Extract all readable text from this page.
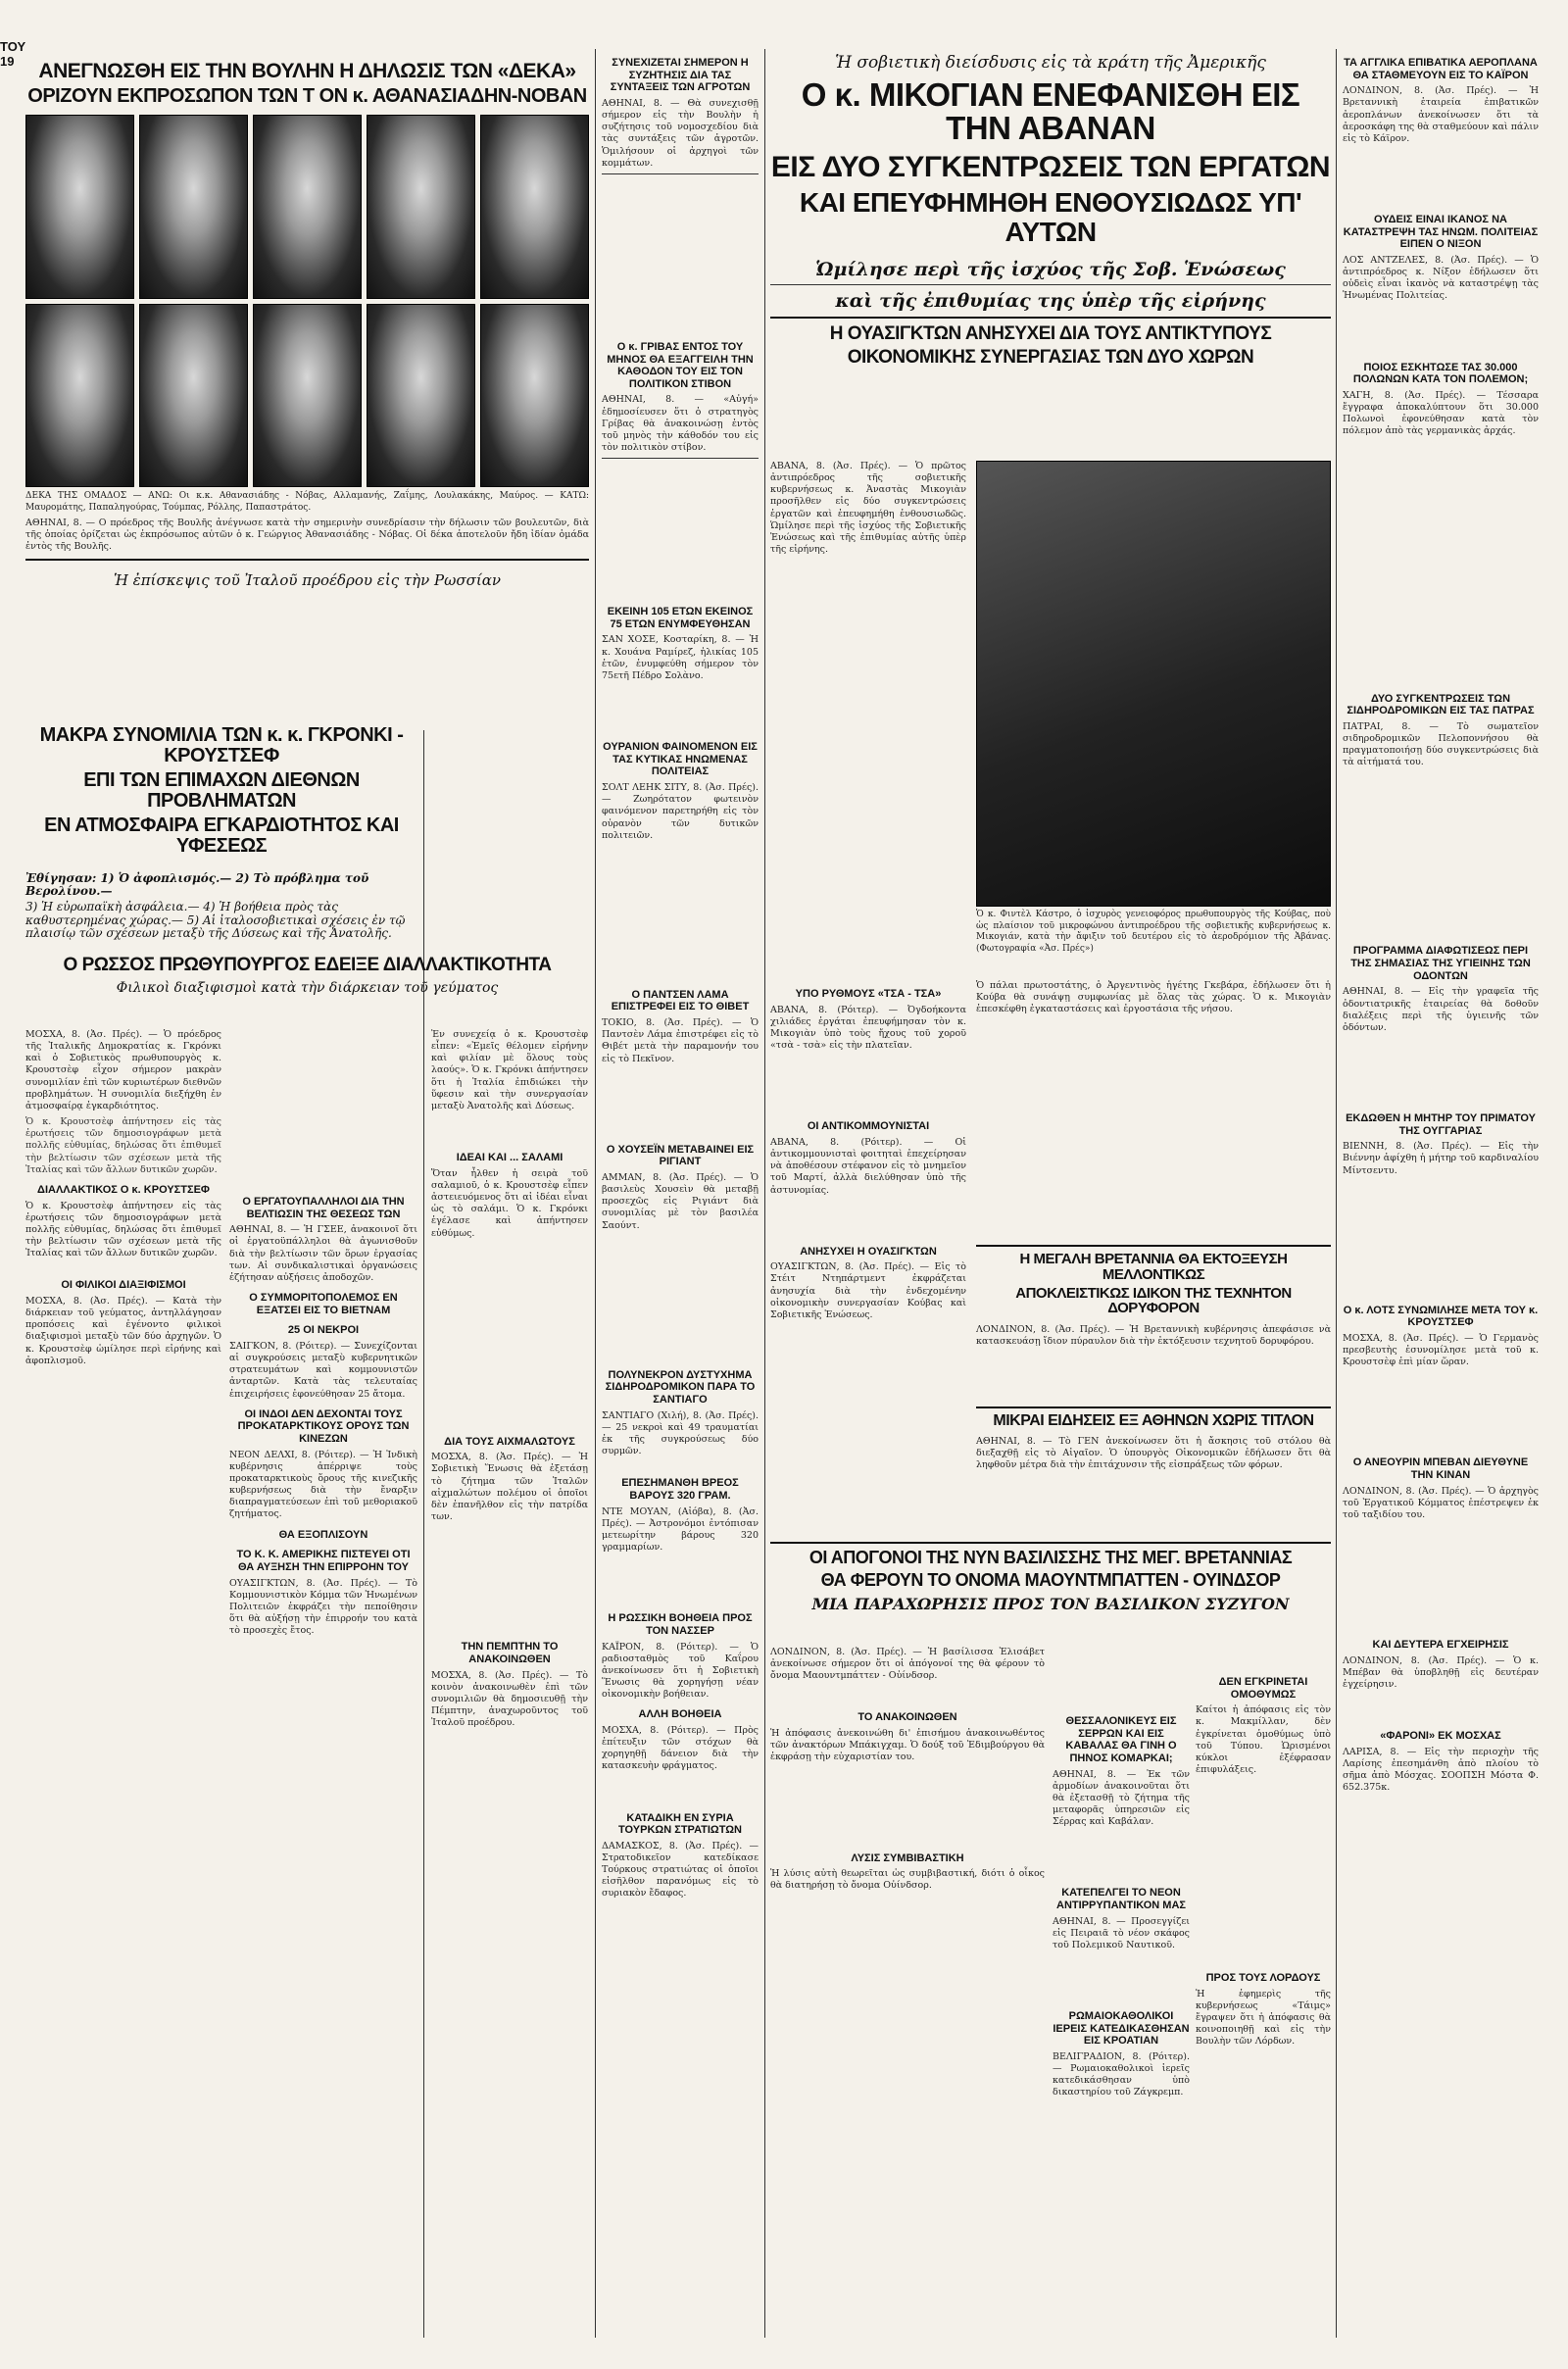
ΤΟΥ
19	ΑΝΕΓΝΩΣΘΗ ΕΙΣ ΤΗΝ ΒΟΥΛΗΝ Η ΔΗΛΩΣΙΣ ΤΩΝ «ΔΕΚΑ»
ΟΡΙΖΟΥΝ ΕΚΠΡΟΣΩΠΟΝ ΤΩΝ Τ ΟΝ κ. ΑΘΑΝΑΣΙΑΔΗΝ-ΝΟΒΑΝ

ΔΕΚΑ ΤΗΣ ΟΜΑΔΟΣ — ΑΝΩ: Οι κ.κ. Αθανασιάδης - Νόβας, Αλλαμανής, Ζαΐμης, Λουλακάκης, Μαύρος. — ΚΑΤΩ: Μαυρομάτης, Παπαληγούρας, Τούμπας, Ρόλλης, Παπαστράτος.

ΑΘΗΝΑΙ, 8. — Ο πρόεδρος τῆς Βουλῆς ἀνέγνωσε κατὰ τὴν σημερινὴν συνεδρίασιν τὴν δήλωσιν τῶν βουλευτῶν, διὰ τῆς ὁποίας ὁρίζεται ὡς ἐκπρόσωπος αὐτῶν ὁ κ. Γεώργιος Ἀθανασιάδης - Νόβας. Οἱ δέκα ἀποτελοῦν ἤδη ἰδίαν ὁμάδα ἐντὸς τῆς Βουλῆς.

Ἡ ἐπίσκεψις τοῦ Ἰταλοῦ προέδρου εἰς τὴν Ρωσσίαν
ΜΑΚΡΑ ΣΥΝΟΜΙΛΙΑ ΤΩΝ κ. κ. ΓΚΡΟΝΚΙ - ΚΡΟΥΣΤΣΕΦ
ΕΠΙ ΤΩΝ ΕΠΙΜΑΧΩΝ ΔΙΕΘΝΩΝ ΠΡΟΒΛΗΜΑΤΩΝ
ΕΝ ΑΤΜΟΣΦΑΙΡΑ ΕΓΚΑΡΔΙΟΤΗΤΟΣ ΚΑΙ ΥΦΕΣΕΩΣ
Ἐθίγησαν: 1) Ὁ ἀφοπλισμός.— 2) Τὸ πρόβλημα τοῦ Βερολίνου.—
3) Ἡ εὐρωπαϊκὴ ἀσφάλεια.— 4) Ἡ βοήθεια πρὸς τὰς καθυστερημένας χώρας.— 5) Αἱ ἰταλοσοβιετικαὶ σχέσεις ἐν τῷ πλαισίῳ τῶν σχέσεων μεταξὺ τῆς Δύσεως καὶ τῆς Ἀνατολῆς.
Ο ΡΩΣΣΟΣ ΠΡΩΘΥΠΟΥΡΓΟΣ ΕΔΕΙΞΕ ΔΙΑΛΛΑΚΤΙΚΟΤΗΤΑ
Φιλικοὶ διαξιφισμοὶ κατὰ τὴν διάρκειαν τοῦ γεύματος

ΜΟΣΧΑ, 8. (Ἀσ. Πρές). — Ὁ πρόεδρος τῆς Ἰταλικῆς Δημοκρατίας κ. Γκρόνκι καὶ ὁ Σοβιετικὸς πρωθυπουργὸς κ. Κρουστσὲφ εἶχον σήμερον μακρὰν συνομιλίαν ἐπὶ τῶν κυριωτέρων διεθνῶν προβλημάτων. Ἡ συνομιλία διεξήχθη ἐν ἀτμοσφαίρᾳ ἐγκαρδιότητος.

Ὁ κ. Κρουστσὲφ ἀπήντησεν εἰς τὰς ἐρωτήσεις τῶν δημοσιογράφων μετὰ πολλῆς εὐθυμίας, δηλώσας ὅτι ἐπιθυμεῖ τὴν βελτίωσιν τῶν σχέσεων μετὰ τῆς Ἰταλίας καὶ τῶν ἄλλων δυτικῶν χωρῶν.

ΔΙΑΛΛΑΚΤΙΚΟΣ Ο κ. ΚΡΟΥΣΤΣΕΦ

Ὁ κ. Κρουστσὲφ ἀπήντησεν εἰς τὰς ἐρωτήσεις τῶν δημοσιογράφων μετὰ πολλῆς εὐθυμίας, δηλώσας ὅτι ἐπιθυμεῖ τὴν βελτίωσιν τῶν σχέσεων μετὰ τῆς Ἰταλίας καὶ τῶν ἄλλων δυτικῶν χωρῶν.

ΟΙ ΦΙΛΙΚΟΙ ΔΙΑΞΙΦΙΣΜΟΙ

ΜΟΣΧΑ, 8. (Ἀσ. Πρές). — Κατὰ τὴν διάρκειαν τοῦ γεύματος, ἀντηλλάγησαν προπόσεις καὶ ἐγένοντο φιλικοὶ διαξιφισμοὶ μεταξὺ τῶν δύο ἀρχηγῶν. Ὁ κ. Κρουστσὲφ ὡμίλησε περὶ εἰρήνης καὶ ἀφοπλισμοῦ.

Ο ΕΡΓΑΤΟΥΠΑΛΛΗΛΟΙ ΔΙΑ ΤΗΝ ΒΕΛΤΙΩΣΙΝ ΤΗΣ ΘΕΣΕΩΣ ΤΩΝ

ΑΘΗΝΑΙ, 8. — Ἡ ΓΣΕΕ, ἀνακοινοῖ ὅτι οἱ ἐργατοϋπάλληλοι θὰ ἀγωνισθοῦν διὰ τὴν βελτίωσιν τῶν ὅρων ἐργασίας των. Αἱ συνδικαλιστικαὶ ὀργανώσεις ἐζήτησαν αὐξήσεις ἀποδοχῶν.

Ο ΣΥΜΜΟΡΙΤΟΠΟΛΕΜΟΣ ΕΝ ΕΞΑΤΣΕΙ ΕΙΣ ΤΟ ΒΙΕΤΝΑΜ
25 ΟΙ ΝΕΚΡΟΙ

ΣΑΙΓΚΟΝ, 8. (Ρόιτερ). — Συνεχίζονται αἱ συγκρούσεις μεταξὺ κυβερνητικῶν στρατευμάτων καὶ κομμουνιστῶν ἀνταρτῶν. Κατὰ τὰς τελευταίας ἐπιχειρήσεις ἐφονεύθησαν 25 ἄτομα.

ΟΙ ΙΝΔΟΙ ΔΕΝ ΔΕΧΟΝΤΑΙ ΤΟΥΣ ΠΡΟΚΑΤΑΡΚΤΙΚΟΥΣ ΟΡΟΥΣ ΤΩΝ ΚΙΝΕΖΩΝ

ΝΕΟΝ ΔΕΛΧΙ, 8. (Ρόιτερ). — Ἡ Ἰνδικὴ κυβέρνησις ἀπέρριψε τοὺς προκαταρκτικοὺς ὅρους τῆς κινεζικῆς κυβερνήσεως διὰ τὴν ἔναρξιν διαπραγματεύσεων ἐπὶ τοῦ μεθοριακοῦ ζητήματος.

ΘΑ ΕΞΟΠΛΙΣΟΥΝ
ΤΟ Κ. Κ. ΑΜΕΡΙΚΗΣ ΠΙΣΤΕΥΕΙ ΟΤΙ ΘΑ ΑΥΞΗΣΗ ΤΗΝ ΕΠΙΡΡΟΗΝ ΤΟΥ

ΟΥΑΣΙΓΚΤΩΝ, 8. (Ἀσ. Πρές). — Τὸ Κομμουνιστικὸν Κόμμα τῶν Ἡνωμένων Πολιτειῶν ἐκφράζει τὴν πεποίθησιν ὅτι θὰ αὐξήσῃ τὴν ἐπιρροήν του κατὰ τὸ προσεχὲς ἔτος.

Ἐν συνεχείᾳ ὁ κ. Κρουστσὲφ εἶπεν: «Ἐμεῖς θέλομεν εἰρήνην καὶ φιλίαν μὲ ὅλους τοὺς λαούς». Ὁ κ. Γκρόνκι ἀπήντησεν ὅτι ἡ Ἰταλία ἐπιδιώκει τὴν ὕφεσιν καὶ τὴν συνεργασίαν μεταξὺ Ἀνατολῆς καὶ Δύσεως.

ΙΔΕΑΙ ΚΑΙ ... ΣΑΛΑΜΙ

Ὅταν ἦλθεν ἡ σειρὰ τοῦ σαλαμιοῦ, ὁ κ. Κρουστσὲφ εἶπεν ἀστειευόμενος ὅτι αἱ ἰδέαι εἶναι ὡς τὸ σαλάμι. Ὁ κ. Γκρόνκι ἐγέλασε καὶ ἀπήντησεν εὐθύμως.

ΔΙΑ ΤΟΥΣ ΑΙΧΜΑΛΩΤΟΥΣ

ΜΟΣΧΑ, 8. (Ἀσ. Πρές). — Ἡ Σοβιετικὴ Ἕνωσις θὰ ἐξετάσῃ τὸ ζήτημα τῶν Ἰταλῶν αἰχμαλώτων πολέμου οἱ ὁποῖοι δὲν ἐπανῆλθον εἰς τὴν πατρίδα των.

ΤΗΝ ΠΕΜΠΤΗΝ ΤΟ ΑΝΑΚΟΙΝΩΘΕΝ

ΜΟΣΧΑ, 8. (Ἀσ. Πρές). — Τὸ κοινὸν ἀνακοινωθὲν ἐπὶ τῶν συνομιλιῶν θὰ δημοσιευθῇ τὴν Πέμπτην, ἀναχωροῦντος τοῦ Ἰταλοῦ προέδρου.

ΣΥΝΕΧΙΖΕΤΑΙ ΣΗΜΕΡΟΝ Η ΣΥΖΗΤΗΣΙΣ ΔΙΑ ΤΑΣ ΣΥΝΤΑΞΕΙΣ ΤΩΝ ΑΓΡΟΤΩΝ

ΑΘΗΝΑΙ, 8. — Θὰ συνεχισθῇ σήμερον εἰς τὴν Βουλὴν ἡ συζήτησις τοῦ νομοσχεδίου διὰ τὰς συντάξεις τῶν ἀγροτῶν. Ὁμιλήσουν οἱ ἀρχηγοὶ τῶν κομμάτων.

Ο κ. ΓΡΙΒΑΣ ΕΝΤΟΣ ΤΟΥ ΜΗΝΟΣ ΘΑ ΕΞΑΓΓΕΙΛΗ ΤΗΝ ΚΑΘΟΔΟΝ ΤΟΥ ΕΙΣ ΤΟΝ ΠΟΛΙΤΙΚΟΝ ΣΤΙΒΟΝ

ΑΘΗΝΑΙ, 8. — «Αὐγή» ἐδημοσίευσεν ὅτι ὁ στρατηγὸς Γρίβας θὰ ἀνακοινώσῃ ἐντὸς τοῦ μηνὸς τὴν κάθοδόν του εἰς τὸν πολιτικὸν στίβον.

ΕΚΕΙΝΗ 105 ΕΤΩΝ ΕΚΕΙΝΟΣ 75 ΕΤΩΝ ΕΝΥΜΦΕΥΘΗΣΑΝ

ΣΑΝ ΧΟΣΕ, Κοσταρίκη, 8. — Ἡ κ. Χουάνα Ραμίρεζ, ἡλικίας 105 ἐτῶν, ἐνυμφεύθη σήμερον τὸν 75ετῆ Πέδρο Σολὰνο.

ΟΥΡΑΝΙΟΝ ΦΑΙΝΟΜΕΝΟΝ ΕΙΣ ΤΑΣ ΚΥΤΙΚΑΣ ΗΝΩΜΕΝΑΣ ΠΟΛΙΤΕΙΑΣ

ΣΟΛΤ ΛΕΗΚ ΣΙΤΥ, 8. (Ἀσ. Πρές). — Ζωηρότατον φωτεινὸν φαινόμενον παρετηρήθη εἰς τὸν οὐρανὸν τῶν δυτικῶν πολιτειῶν.

Ο ΠΑΝΤΣΕΝ ΛΑΜΑ ΕΠΙΣΤΡΕΦΕΙ ΕΙΣ ΤΟ ΘΙΒΕΤ

ΤΟΚΙΟ, 8. (Ἀσ. Πρές). — Ὁ Παντσὲν Λάμα ἐπιστρέφει εἰς τὸ Θιβέτ μετὰ τὴν παραμονήν του εἰς τὸ Πεκῖνον.

Ο ΧΟΥΣΕΪΝ ΜΕΤΑΒΑΙΝΕΙ ΕΙΣ ΡΙΓΙΑΝΤ

ΑΜΜΑΝ, 8. (Ἀσ. Πρές). — Ὁ βασιλεὺς Χουσεὶν θὰ μεταβῇ προσεχῶς εἰς Ριγιάντ διὰ συνομιλίας μὲ τὸν βασιλέα Σαούντ.

ΠΟΛΥΝΕΚΡΟΝ ΔΥΣΤΥΧΗΜΑ ΣΙΔΗΡΟΔΡΟΜΙΚΟΝ ΠΑΡΑ ΤΟ ΣΑΝΤΙΑΓΟ

ΣΑΝΤΙΑΓΟ (Χιλή), 8. (Ἀσ. Πρές). — 25 νεκροὶ καὶ 49 τραυματίαι ἐκ τῆς συγκρούσεως δύο συρμῶν.

ΕΠΕΣΗΜΑΝΘΗ ΒΡΕΟΣ ΒΑΡΟΥΣ 320 ΓΡΑΜ.

ΝΤΕ ΜΟΥΑΝ, (Αἰόβα), 8. (Ἀσ. Πρές). — Ἀστρονόμοι ἐντόπισαν μετεωρίτην βάρους 320 γραμμαρίων.

Η ΡΩΣΣΙΚΗ ΒΟΗΘΕΙΑ ΠΡΟΣ ΤΟΝ ΝΑΣΣΕΡ

ΚΑΪΡΟΝ, 8. (Ρόιτερ). — Ὁ ραδιοσταθμὸς τοῦ Καΐρου ἀνεκοίνωσεν ὅτι ἡ Σοβιετικὴ Ἕνωσις θὰ χορηγήσῃ νέαν οἰκονομικὴν βοήθειαν.

ΑΛΛΗ ΒΟΗΘΕΙΑ

ΜΟΣΧΑ, 8. (Ρόιτερ). — Πρὸς ἐπίτευξιν τῶν στόχων θὰ χορηγηθῇ δάνειον διὰ τὴν κατασκευὴν φράγματος.

ΚΑΤΑΔΙΚΗ ΕΝ ΣΥΡΙΑ ΤΟΥΡΚΩΝ ΣΤΡΑΤΙΩΤΩΝ

ΔΑΜΑΣΚΟΣ, 8. (Ἀσ. Πρές). — Στρατοδικεῖον κατεδίκασε Τούρκους στρατιώτας οἱ ὁποῖοι εἰσῆλθον παρανόμως εἰς τὸ συριακὸν ἔδαφος.

Ἡ σοβιετικὴ διείσδυσις εἰς τὰ κράτη τῆς Ἀμερικῆς
Ο κ. ΜΙΚΟΓΙΑΝ ΕΝΕΦΑΝΙΣΘΗ ΕΙΣ ΤΗΝ ΑΒΑΝΑΝ
ΕΙΣ ΔΥΟ ΣΥΓΚΕΝΤΡΩΣΕΙΣ ΤΩΝ ΕΡΓΑΤΩΝ
ΚΑΙ ΕΠΕΥΦΗΜΗΘΗ ΕΝΘΟΥΣΙΩΔΩΣ ΥΠ' ΑΥΤΩΝ
Ὡμίλησε περὶ τῆς ἰσχύος τῆς Σοβ. Ἑνώσεως
καὶ τῆς ἐπιθυμίας της ὑπὲρ τῆς εἰρήνης
Η ΟΥΑΣΙΓΚΤΩΝ ΑΝΗΣΥΧΕΙ ΔΙΑ ΤΟΥΣ ΑΝΤΙΚΤΥΠΟΥΣ
ΟΙΚΟΝΟΜΙΚΗΣ ΣΥΝΕΡΓΑΣΙΑΣ ΤΩΝ ΔΥΟ ΧΩΡΩΝ

ΑΒΑΝΑ, 8. (Ἀσ. Πρές). — Ὁ πρῶτος ἀντιπρόεδρος τῆς σοβιετικῆς κυβερνήσεως κ. Ἀναστὰς Μικογιὰν προσῆλθεν εἰς δύο συγκεντρώσεις ἐργατῶν καὶ ἐπευφημήθη ἐνθουσιωδῶς. Ὡμίλησε περὶ τῆς ἰσχύος τῆς Σοβιετικῆς Ἑνώσεως καὶ τῆς ἐπιθυμίας αὐτῆς ὑπὲρ τῆς εἰρήνης.

Ὁ κ. Φιντὲλ Κάστρο, ὁ ἰσχυρὸς γενειοφόρος πρωθυπουργὸς τῆς Κούβας, ποὺ ὡς πλαίσιον τοῦ μικροφώνου ἀντιπροέδρου τῆς σοβιετικῆς κυβερνήσεως κ. Μικογιάν, κατὰ τὴν ἄφιξιν τοῦ δευτέρου εἰς τὸ ἀεροδρόμιον τῆς Ἀβάνας. (Φωτογραφία «Ἀσ. Πρές»)

ΥΠΟ ΡΥΘΜΟΥΣ «ΤΣΑ - ΤΣΑ»

ΑΒΑΝΑ, 8. (Ρόιτερ). — Ὀγδοήκοντα χιλιάδες ἐργάται ἐπευφήμησαν τὸν κ. Μικογιὰν ὑπὸ τοὺς ἤχους τοῦ χοροῦ «τσὰ - τσὰ» εἰς τὴν πλατεῖαν.

ΟΙ ΑΝΤΙΚΟΜΜΟΥΝΙΣΤΑΙ

ΑΒΑΝΑ, 8. (Ρόιτερ). — Οἱ ἀντικομμουνισταὶ φοιτηταὶ ἐπεχείρησαν νὰ ἀποθέσουν στέφανον εἰς τὸ μνημεῖον τοῦ Μαρτί, ἀλλὰ διελύθησαν ὑπὸ τῆς ἀστυνομίας.

ΑΝΗΣΥΧΕΙ Η ΟΥΑΣΙΓΚΤΩΝ

ΟΥΑΣΙΓΚΤΩΝ, 8. (Ἀσ. Πρές). — Εἰς τὸ Στέιτ Ντηπάρτμεντ ἐκφράζεται ἀνησυχία διὰ τὴν ἐνδεχομένην οἰκονομικὴν συνεργασίαν Κούβας καὶ Σοβιετικῆς Ἑνώσεως.

Ὁ πάλαι πρωτοστάτης, ὁ Ἀργεντινὸς ἡγέτης Γκεβάρα, ἐδήλωσεν ὅτι ἡ Κούβα θὰ συνάψῃ συμφωνίας μὲ ὅλας τὰς χώρας. Ὁ κ. Μικογιὰν ἐπεσκέφθη ἐγκαταστάσεις καὶ ἐργοστάσια τῆς νήσου.

Η ΜΕΓΑΛΗ ΒΡΕΤΑΝΝΙΑ ΘΑ ΕΚΤΟΞΕΥΣΗ ΜΕΛΛΟΝΤΙΚΩΣ
ΑΠΟΚΛΕΙΣΤΙΚΩΣ ΙΔΙΚΟΝ ΤΗΣ ΤΕΧΝΗΤΟΝ ΔΟΡΥΦΟΡΟΝ

ΛΟΝΔΙΝΟΝ, 8. (Ἀσ. Πρές). — Ἡ Βρεταννικὴ κυβέρνησις ἀπεφάσισε νὰ κατασκευάσῃ ἴδιον πύραυλον διὰ τὴν ἐκτόξευσιν τεχνητοῦ δορυφόρου.

ΜΙΚΡΑΙ ΕΙΔΗΣΕΙΣ ΕΞ ΑΘΗΝΩΝ ΧΩΡΙΣ ΤΙΤΛΟΝ

ΑΘΗΝΑΙ, 8. — Τὸ ΓΕΝ ἀνεκοίνωσεν ὅτι ἡ ἄσκησις τοῦ στόλου θὰ διεξαχθῇ εἰς τὸ Αἰγαῖον. Ὁ ὑπουργὸς Οἰκονομικῶν ἐδήλωσεν ὅτι θὰ ληφθοῦν μέτρα διὰ τὴν ἐπιτάχυνσιν τῆς εἰσπράξεως τῶν φόρων.

ΟΙ ΑΠΟΓΟΝΟΙ ΤΗΣ ΝΥΝ ΒΑΣΙΛΙΣΣΗΣ ΤΗΣ ΜΕΓ. ΒΡΕΤΑΝΝΙΑΣ
ΘΑ ΦΕΡΟΥΝ ΤΟ ΟΝΟΜΑ ΜΑΟΥΝΤΜΠΑΤΤΕΝ - ΟΥΙΝΔΣΟΡ
ΜΙΑ ΠΑΡΑΧΩΡΗΣΙΣ ΠΡΟΣ ΤΟΝ ΒΑΣΙΛΙΚΟΝ ΣΥΖΥΓΟΝ

ΛΟΝΔΙΝΟΝ, 8. (Ἀσ. Πρές). — Ἡ βασίλισσα Ἐλισάβετ ἀνεκοίνωσε σήμερον ὅτι οἱ ἀπόγονοί της θὰ φέρουν τὸ ὄνομα Μαουντμπάττεν - Οὐίνδσορ.

ΤΟ ΑΝΑΚΟΙΝΩΘΕΝ

Ἡ ἀπόφασις ἀνεκοινώθη δι' ἐπισήμου ἀνακοινωθέντος τῶν ἀνακτόρων Μπάκιγχαμ. Ὁ δούξ τοῦ Ἐδιμβούργου θὰ ἐκφράσῃ τὴν εὐχαριστίαν του.

ΛΥΣΙΣ ΣΥΜΒΙΒΑΣΤΙΚΗ

Ἡ λύσις αὐτὴ θεωρεῖται ὡς συμβιβαστική, διότι ὁ οἶκος θὰ διατηρήσῃ τὸ ὄνομα Οὐίνδσορ.

ΘΕΣΣΑΛΟΝΙΚΕΥΣ ΕΙΣ ΣΕΡΡΩΝ ΚΑΙ ΕΙΣ ΚΑΒΑΛΑΣ ΘΑ ΓΙΝΗ Ο ΠΗΝΟΣ ΚΟΜΑΡΚΑΙ;

ΑΘΗΝΑΙ, 8. — Ἐκ τῶν ἀρμοδίων ἀνακοινοῦται ὅτι θὰ ἐξετασθῇ τὸ ζήτημα τῆς μεταφορᾶς ὑπηρεσιῶν εἰς Σέρρας καὶ Καβάλαν.

ΚΑΤΕΠΕΛΓΕΙ ΤΟ ΝΕΟΝ ΑΝΤΙΡΡΥΠΑΝΤΙΚΟΝ ΜΑΣ

ΑΘΗΝΑΙ, 8. — Προσεγγίζει εἰς Πειραιᾶ τὸ νέον σκάφος τοῦ Πολεμικοῦ Ναυτικοῦ.

ΡΩΜΑΙΟΚΑΘΟΛΙΚΟΙ ΙΕΡΕΙΣ ΚΑΤΕΔΙΚΑΣΘΗΣΑΝ ΕΙΣ ΚΡΟΑΤΙΑΝ

ΒΕΛΙΓΡΑΔΙΟΝ, 8. (Ρόιτερ). — Ρωμαιοκαθολικοὶ ἱερεῖς κατεδικάσθησαν ὑπὸ δικαστηρίου τοῦ Ζάγκρεμπ.

ΔΕΝ ΕΓΚΡΙΝΕΤΑΙ ΟΜΟΘΥΜΩΣ

Καίτοι ἡ ἀπόφασις εἰς τὸν κ. Μακμίλλαν, δὲν ἐγκρίνεται ὁμοθύμως ὑπὸ τοῦ Τύπου. Ὡρισμένοι κύκλοι ἐξέφρασαν ἐπιφυλάξεις.

ΠΡΟΣ ΤΟΥΣ ΛΟΡΔΟΥΣ

Ἡ ἐφημερὶς τῆς κυβερνήσεως «Τάιμς» ἔγραψεν ὅτι ἡ ἀπόφασις θὰ κοινοποιηθῇ καὶ εἰς τὴν Βουλὴν τῶν Λόρδων.

ΤΑ ΑΓΓΛΙΚΑ ΕΠΙΒΑΤΙΚΑ ΑΕΡΟΠΛΑΝΑ ΘΑ ΣΤΑΘΜΕΥΟΥΝ ΕΙΣ ΤΟ ΚΑΪΡΟΝ

ΛΟΝΔΙΝΟΝ, 8. (Ἀσ. Πρές). — Ἡ Βρεταννικὴ ἑταιρεία ἐπιβατικῶν ἀεροπλάνων ἀνεκοίνωσεν ὅτι τὰ ἀεροσκάφη της θὰ σταθμεύουν καὶ πάλιν εἰς τὸ Κάϊρον.

ΟΥΔΕΙΣ ΕΙΝΑΙ ΙΚΑΝΟΣ ΝΑ ΚΑΤΑΣΤΡΕΨΗ ΤΑΣ ΗΝΩΜ. ΠΟΛΙΤΕΙΑΣ ΕΙΠΕΝ Ο ΝΙΞΟΝ

ΛΟΣ ΑΝΤΖΕΛΕΣ, 8. (Ἀσ. Πρές). — Ὁ ἀντιπρόεδρος κ. Νίξον ἐδήλωσεν ὅτι οὐδεὶς εἶναι ἱκανὸς νὰ καταστρέψῃ τὰς Ἡνωμένας Πολιτείας.

ΠΟΙΟΣ ΕΣΚΗΤΩΣΕ ΤΑΣ 30.000 ΠΟΛΩΝΩΝ ΚΑΤΑ ΤΟΝ ΠΟΛΕΜΟΝ;

ΧΑΓΗ, 8. (Ἀσ. Πρές). — Τέσσαρα ἔγγραφα ἀποκαλύπτουν ὅτι 30.000 Πολωνοὶ ἐφονεύθησαν κατὰ τὸν πόλεμον ἀπὸ τὰς γερμανικὰς ἀρχάς.

ΔΥΟ ΣΥΓΚΕΝΤΡΩΣΕΙΣ ΤΩΝ ΣΙΔΗΡΟΔΡΟΜΙΚΩΝ ΕΙΣ ΤΑΣ ΠΑΤΡΑΣ

ΠΑΤΡΑΙ, 8. — Τὸ σωματεῖον σιδηροδρομικῶν Πελοποννήσου θὰ πραγματοποιήσῃ δύο συγκεντρώσεις διὰ τὰ αἰτήματά του.

ΠΡΟΓΡΑΜΜΑ ΔΙΑΦΩΤΙΣΕΩΣ ΠΕΡΙ ΤΗΣ ΣΗΜΑΣΙΑΣ ΤΗΣ ΥΓΙΕΙΝΗΣ ΤΩΝ ΟΔΟΝΤΩΝ

ΑΘΗΝΑΙ, 8. — Εἰς τὴν γραφεῖα τῆς ὀδοντιατρικῆς ἑταιρείας θὰ δοθοῦν διαλέξεις περὶ τῆς ὑγιεινῆς τῶν ὀδόντων.

ΕΚΔΩΘΕΝ Η ΜΗΤΗΡ ΤΟΥ ΠΡΙΜΑΤΟΥ ΤΗΣ ΟΥΓΓΑΡΙΑΣ

ΒΙΕΝΝΗ, 8. (Ἀσ. Πρές). — Εἰς τὴν Βιέννην ἀφίχθη ἡ μήτηρ τοῦ καρδιναλίου Μίντσεντυ.

Ο κ. ΛΟΤΣ ΣΥΝΩΜΙΛΗΣΕ ΜΕΤΑ ΤΟΥ κ. ΚΡΟΥΣΤΣΕΦ

ΜΟΣΧΑ, 8. (Ἀσ. Πρές). — Ὁ Γερμανὸς πρεσβευτὴς ἐσυνομίλησε μετὰ τοῦ κ. Κρουστσὲφ ἐπὶ μίαν ὥραν.

Ο ΑΝΕΟΥΡΙΝ ΜΠΕΒΑΝ ΔΙΕΥΘΥΝΕ ΤΗΝ ΚΙΝΑΝ

ΛΟΝΔΙΝΟΝ, 8. (Ἀσ. Πρές). — Ὁ ἀρχηγὸς τοῦ Ἐργατικοῦ Κόμματος ἐπέστρεψεν ἐκ τοῦ ταξιδίου του.

ΚΑΙ ΔΕΥΤΕΡΑ ΕΓΧΕΙΡΗΣΙΣ

ΛΟΝΔΙΝΟΝ, 8. (Ἀσ. Πρές). — Ὁ κ. Μπέβαν θὰ ὑποβληθῇ εἰς δευτέραν ἐγχείρησιν.

«ΦΑΡΟΝΙ» ΕΚ ΜΟΣΧΑΣ

ΛΑΡΙΣΑ, 8. — Εἰς τὴν περιοχὴν τῆς Λαρίσης ἐπεσημάνθη ἀπὸ πλοίου τὸ σῆμα ἀπὸ Μόσχας. ΣΟΟΠΣΗ Μόστα Φ. 652.375κ.
